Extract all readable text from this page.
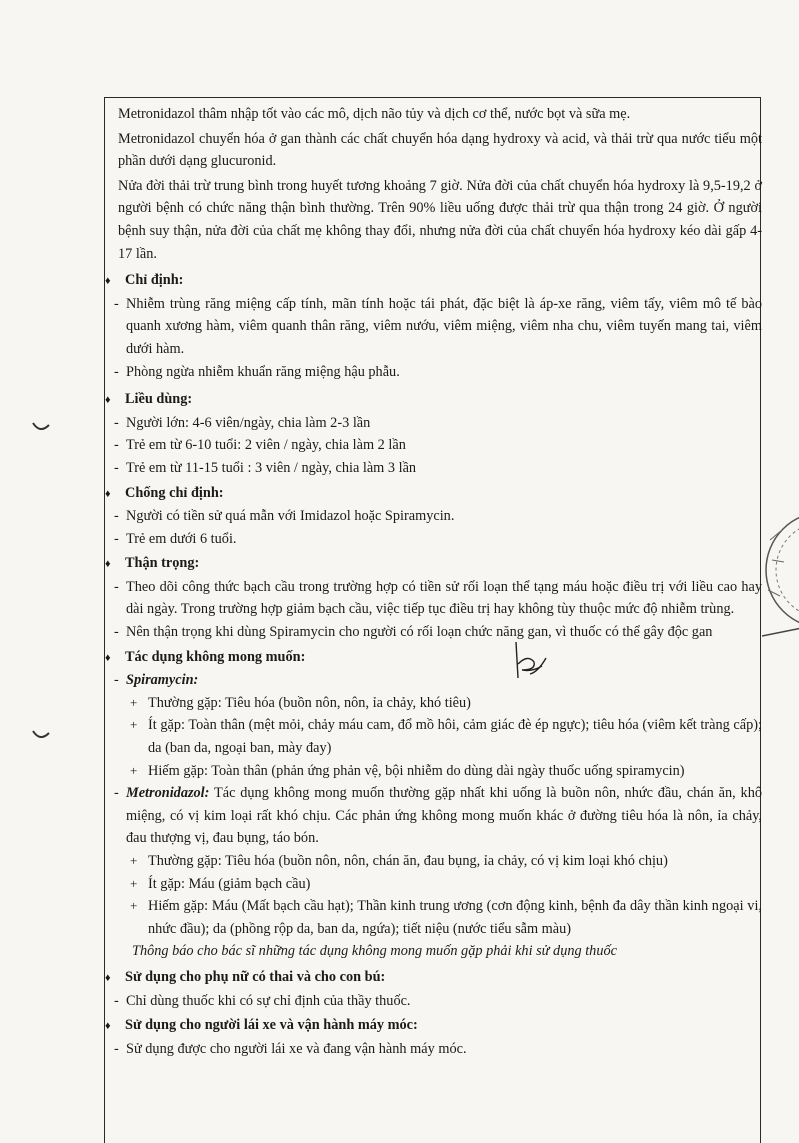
Metronidazol thâm nhập tốt vào các mô, dịch não tủy và dịch cơ thể, nước bọt và sữa mẹ.

Metronidazol chuyển hóa ở gan thành các chất chuyển hóa dạng hydroxy và acid, và thải trừ qua nước tiểu một phần dưới dạng glucuronid.

Nửa đời thải trừ trung bình trong huyết tương khoảng 7 giờ. Nửa đời của chất chuyển hóa hydroxy là 9,5-19,2 ở người bệnh có chức năng thận bình thường. Trên 90% liều uống được thải trừ qua thận trong 24 giờ. Ở người bệnh suy thận, nửa đời của chất mẹ không thay đổi, nhưng nửa đời của chất chuyển hóa hydroxy kéo dài gấp 4-17 lần.

♦	Chỉ định:

- Nhiễm trùng răng miệng cấp tính, mãn tính hoặc tái phát, đặc biệt là áp-xe răng, viêm tấy, viêm mô tế bào quanh xương hàm, viêm quanh thân răng, viêm nướu, viêm miệng, viêm nha chu, viêm tuyến mang tai, viêm dưới hàm.

- Phòng ngừa nhiễm khuẩn răng miệng hậu phẫu.

♦	Liều dùng:

- Người lớn: 4-6 viên/ngày, chia làm 2-3 lần

- Trẻ em từ 6-10 tuổi: 2 viên / ngày, chia làm 2 lần

- Trẻ em từ 11-15 tuổi : 3 viên / ngày, chia làm 3 lần

♦	Chống chỉ định:

- Người có tiền sử quá mẫn với Imidazol hoặc Spiramycin.

- Trẻ em dưới 6 tuổi.

♦	Thận trọng:

- Theo dõi công thức bạch cầu trong trường hợp có tiền sử rối loạn thể tạng máu hoặc điều trị với liều cao hay dài ngày. Trong trường hợp giảm bạch cầu, việc tiếp tục điều trị hay không tùy thuộc mức độ nhiễm trùng.

- Nên thận trọng khi dùng Spiramycin cho người có rối loạn chức năng gan, vì thuốc có thể gây độc gan

♦	Tác dụng không mong muốn:

- Spiramycin:

+ Thường gặp: Tiêu hóa (buồn nôn, nôn, ỉa chảy, khó tiêu)

+ Ít gặp: Toàn thân (mệt mỏi, chảy máu cam, đổ mồ hôi, cảm giác đè ép ngực); tiêu hóa (viêm kết tràng cấp); da (ban da, ngoại ban, mày đay)

+ Hiếm gặp: Toàn thân (phản ứng phản vệ, bội nhiễm do dùng dài ngày thuốc uống spiramycin)

- Metronidazol: Tác dụng không mong muốn thường gặp nhất khi uống là buồn nôn, nhức đầu, chán ăn, khô miệng, có vị kim loại rất khó chịu. Các phản ứng không mong muốn khác ở đường tiêu hóa là nôn, ỉa chảy, đau thượng vị, đau bụng, táo bón.

+ Thường gặp: Tiêu hóa (buồn nôn, nôn, chán ăn, đau bụng, ỉa chảy, có vị kim loại khó chịu)

+ Ít gặp: Máu (giảm bạch cầu)

+ Hiếm gặp: Máu (Mất bạch cầu hạt); Thần kinh trung ương (cơn động kinh, bệnh đa dây thần kinh ngoại vi, nhức đầu); da (phồng rộp da, ban da, ngứa); tiết niệu (nước tiểu sẫm màu)

Thông báo cho bác sĩ những tác dụng không mong muốn gặp phải khi sử dụng thuốc

♦	Sử dụng cho phụ nữ có thai và cho con bú:

- Chỉ dùng thuốc khi có sự chỉ định của thầy thuốc.

♦	Sử dụng cho người lái xe và vận hành máy móc:

- Sử dụng được cho người lái xe và đang vận hành máy móc.
